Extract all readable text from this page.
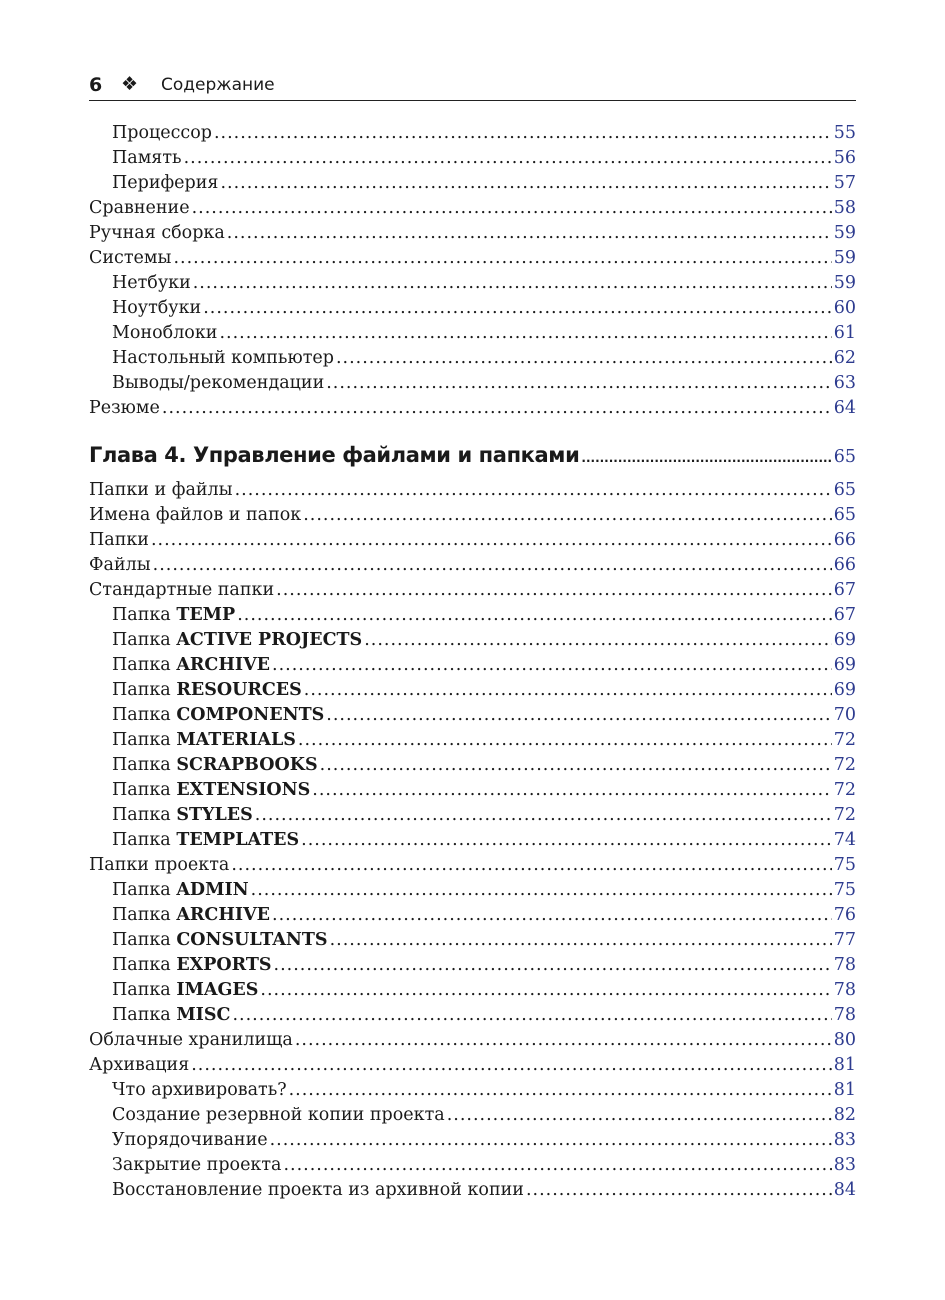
6 ❖ Содержание
Процессор .....	55
Память .....	56
Периферия .....	57
Сравнение .....	58
Ручная сборка .....	59
Системы .....	59
Нетбуки .....	59
Ноутбуки .....	60
Моноблоки .....	61
Настольный компьютер .....	62
Выводы/рекомендации .....	63
Резюме .....	64
Глава 4. Управление файлами и папками .....	65
Папки и файлы .....	65
Имена файлов и папок .....	65
Папки .....	66
Файлы .....	66
Стандартные папки .....	67
Папка TEMP .....	67
Папка ACTIVE PROJECTS .....	69
Папка ARCHIVE .....	69
Папка RESOURCES .....	69
Папка COMPONENTS .....	70
Папка MATERIALS .....	72
Папка SCRAPBOOKS .....	72
Папка EXTENSIONS .....	72
Папка STYLES .....	72
Папка TEMPLATES .....	74
Папки проекта .....	75
Папка ADMIN .....	75
Папка ARCHIVE .....	76
Папка CONSULTANTS .....	77
Папка EXPORTS .....	78
Папка IMAGES .....	78
Папка MISC .....	78
Облачные хранилища .....	80
Архивация .....	81
Что архивировать? .....	81
Создание резервной копии проекта .....	82
Упорядочивание .....	83
Закрытие проекта .....	83
Восстановление проекта из архивной копии .....	84
